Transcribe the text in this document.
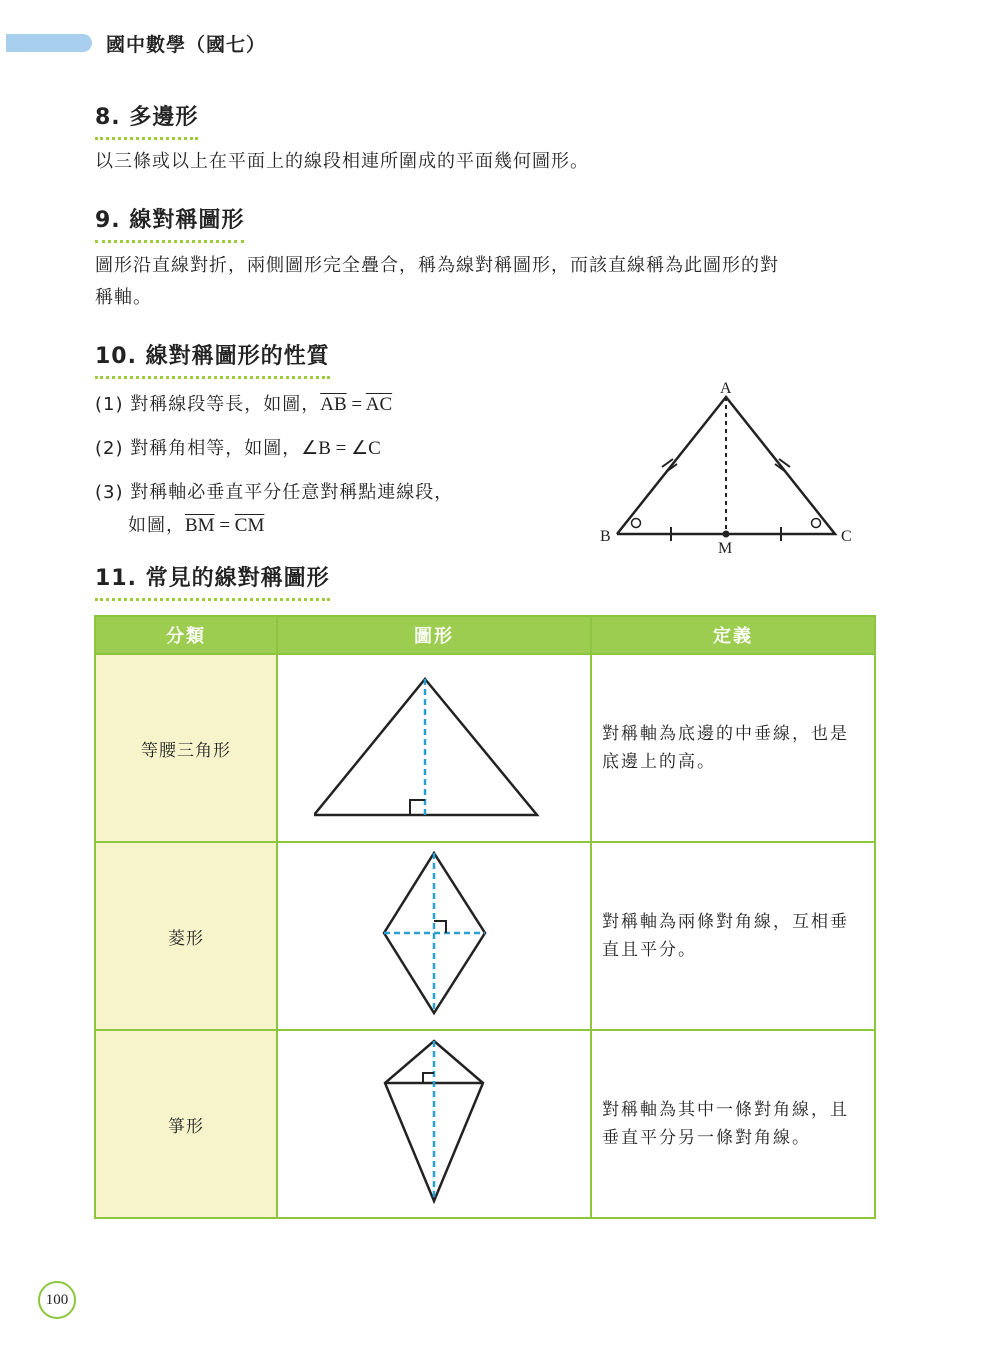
國中數學（國七）
8. 多邊形
以三條或以上在平面上的線段相連所圍成的平面幾何圖形。
9. 線對稱圖形
圖形沿直線對折，兩側圖形完全疊合，稱為線對稱圖形，而該直線稱為此圖形的對
稱軸。
10. 線對稱圖形的性質
(1) 對稱線段等長，如圖，$\overline{AB} = \overline{AC}$
(2) 對稱角相等，如圖，∠B = ∠C
(3) 對稱軸必垂直平分任意對稱點連線段，
如圖，$\overline{BM} = \overline{CM}$
A
B	C
M
11. 常見的線對稱圖形
分類	圖形	定義
等腰三角形		對稱軸為底邊的中垂線，也是
底邊上的高。

菱形		對稱軸為兩條對角線，互相垂
直且平分。

箏形		對稱軸為其中一條對角線，且
垂直平分另一條對角線。
100
